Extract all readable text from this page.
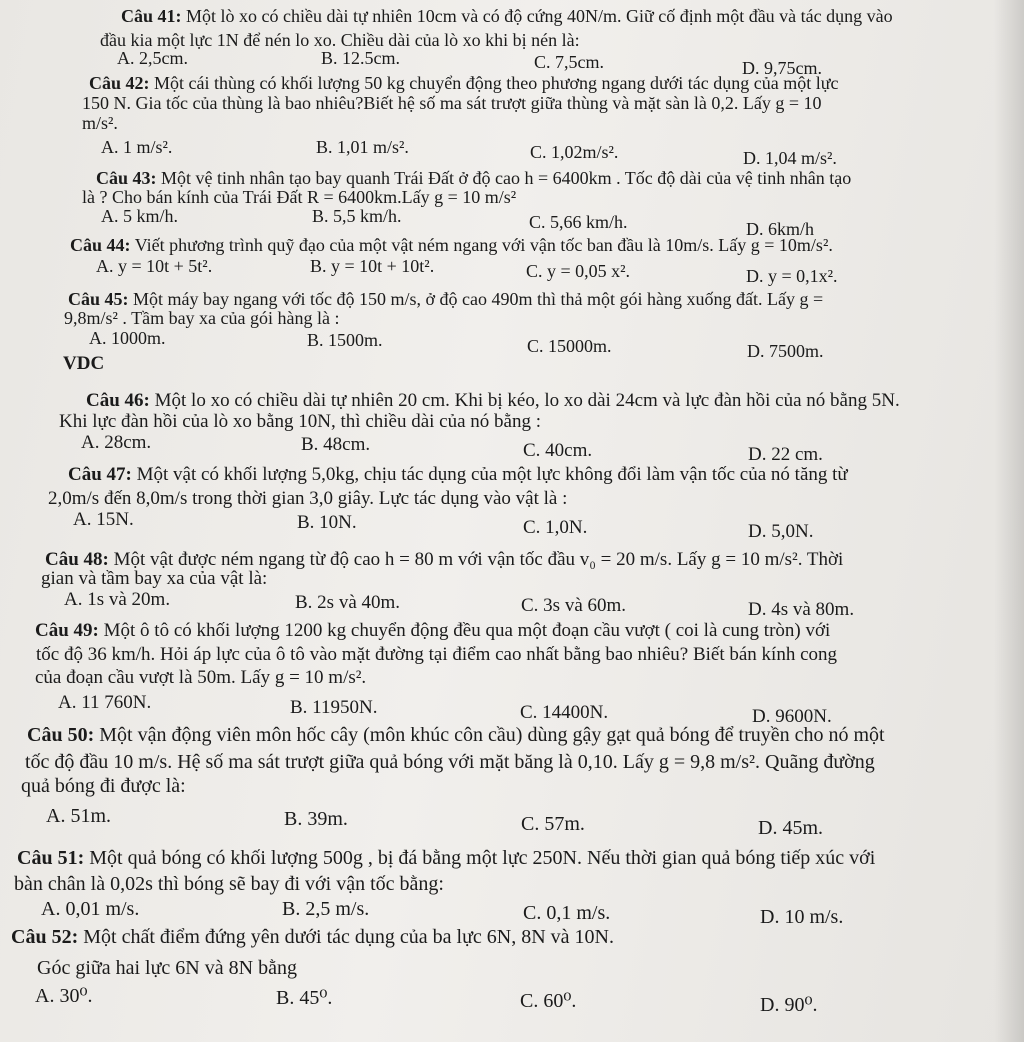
Câu 41: Một lò xo có chiều dài tự nhiên 10cm và có độ cứng 40N/m. Giữ cố định một đầu và tác dụng vào
đầu kia một lực 1N để nén lo xo. Chiều dài của lò xo khi bị nén là:
A. 2,5cm.	B. 12.5cm.	C. 7,5cm.	D. 9,75cm.
Câu 42: Một cái thùng có khối lượng 50 kg chuyển động theo phương ngang dưới tác dụng của một lực
150 N. Gia tốc của thùng là bao nhiêu?Biết hệ số ma sát trượt giữa thùng và mặt sàn là 0,2. Lấy g = 10
m/s².
A. 1 m/s².	B. 1,01 m/s².	C. 1,02m/s².	D. 1,04 m/s².
Câu 43: Một vệ tinh nhân tạo bay quanh Trái Đất ở độ cao h = 6400km . Tốc độ dài của vệ tinh nhân tạo
là ? Cho bán kính của Trái Đất R = 6400km.Lấy g = 10 m/s²
A. 5 km/h.	B. 5,5 km/h.	C. 5,66 km/h.	D. 6km/h
Câu 44: Viết phương trình quỹ đạo của một vật ném ngang với vận tốc ban đầu là 10m/s. Lấy g = 10m/s².
A. y = 10t + 5t².	B. y = 10t + 10t².	C. y = 0,05 x².	D. y = 0,1x².
Câu 45: Một máy bay ngang với tốc độ 150 m/s, ở độ cao 490m thì thả một gói hàng xuống đất. Lấy g =
9,8m/s² . Tầm bay xa của gói hàng là :
A. 1000m.	B. 1500m.	C. 15000m.	D. 7500m.
VDC
Câu 46: Một lo xo có chiều dài tự nhiên 20 cm. Khi bị kéo, lo xo dài 24cm và lực đàn hồi của nó bằng 5N.
Khi lực đàn hồi của lò xo bằng 10N, thì chiều dài của nó bằng :
A. 28cm.	B. 48cm.	C. 40cm.	D. 22 cm.
Câu 47: Một vật có khối lượng 5,0kg, chịu tác dụng của một lực không đổi làm vận tốc của nó tăng từ
2,0m/s đến 8,0m/s trong thời gian 3,0 giây. Lực tác dụng vào vật là :
A. 15N.	B. 10N.	C. 1,0N.	D. 5,0N.
Câu 48: Một vật được ném ngang từ độ cao h = 80 m với vận tốc đầu v₀ = 20 m/s. Lấy g = 10 m/s². Thời
gian và tầm bay xa của vật là:
A. 1s và 20m.	B. 2s và 40m.	C. 3s và 60m.	D. 4s và 80m.
Câu 49: Một ô tô có khối lượng 1200 kg chuyển động đều qua một đoạn cầu vượt ( coi là cung tròn) với
tốc độ 36 km/h. Hỏi áp lực của ô tô vào mặt đường tại điểm cao nhất bằng bao nhiêu? Biết bán kính cong
của đoạn cầu vượt là 50m. Lấy g = 10 m/s².
A. 11 760N.	B. 11950N.	C. 14400N.	D. 9600N.
Câu 50: Một vận động viên môn hốc cây (môn khúc côn cầu) dùng gậy gạt quả bóng để truyền cho nó một
tốc độ đầu 10 m/s. Hệ số ma sát trượt giữa quả bóng với mặt băng là 0,10. Lấy g = 9,8 m/s². Quãng đường
quả bóng đi được là:
A. 51m.	B. 39m.	C. 57m.	D. 45m.
Câu 51: Một quả bóng có khối lượng 500g , bị đá bằng một lực 250N. Nếu thời gian quả bóng tiếp xúc với
bàn chân là 0,02s thì bóng sẽ bay đi với vận tốc bằng:
A. 0,01 m/s.	B. 2,5 m/s.	C. 0,1 m/s.	D. 10 m/s.
Câu 52: Một chất điểm đứng yên dưới tác dụng của ba lực 6N, 8N và 10N.
Góc giữa hai lực 6N và 8N bằng
A. 30⁰.	B. 45⁰.	C. 60⁰.	D. 90⁰.
